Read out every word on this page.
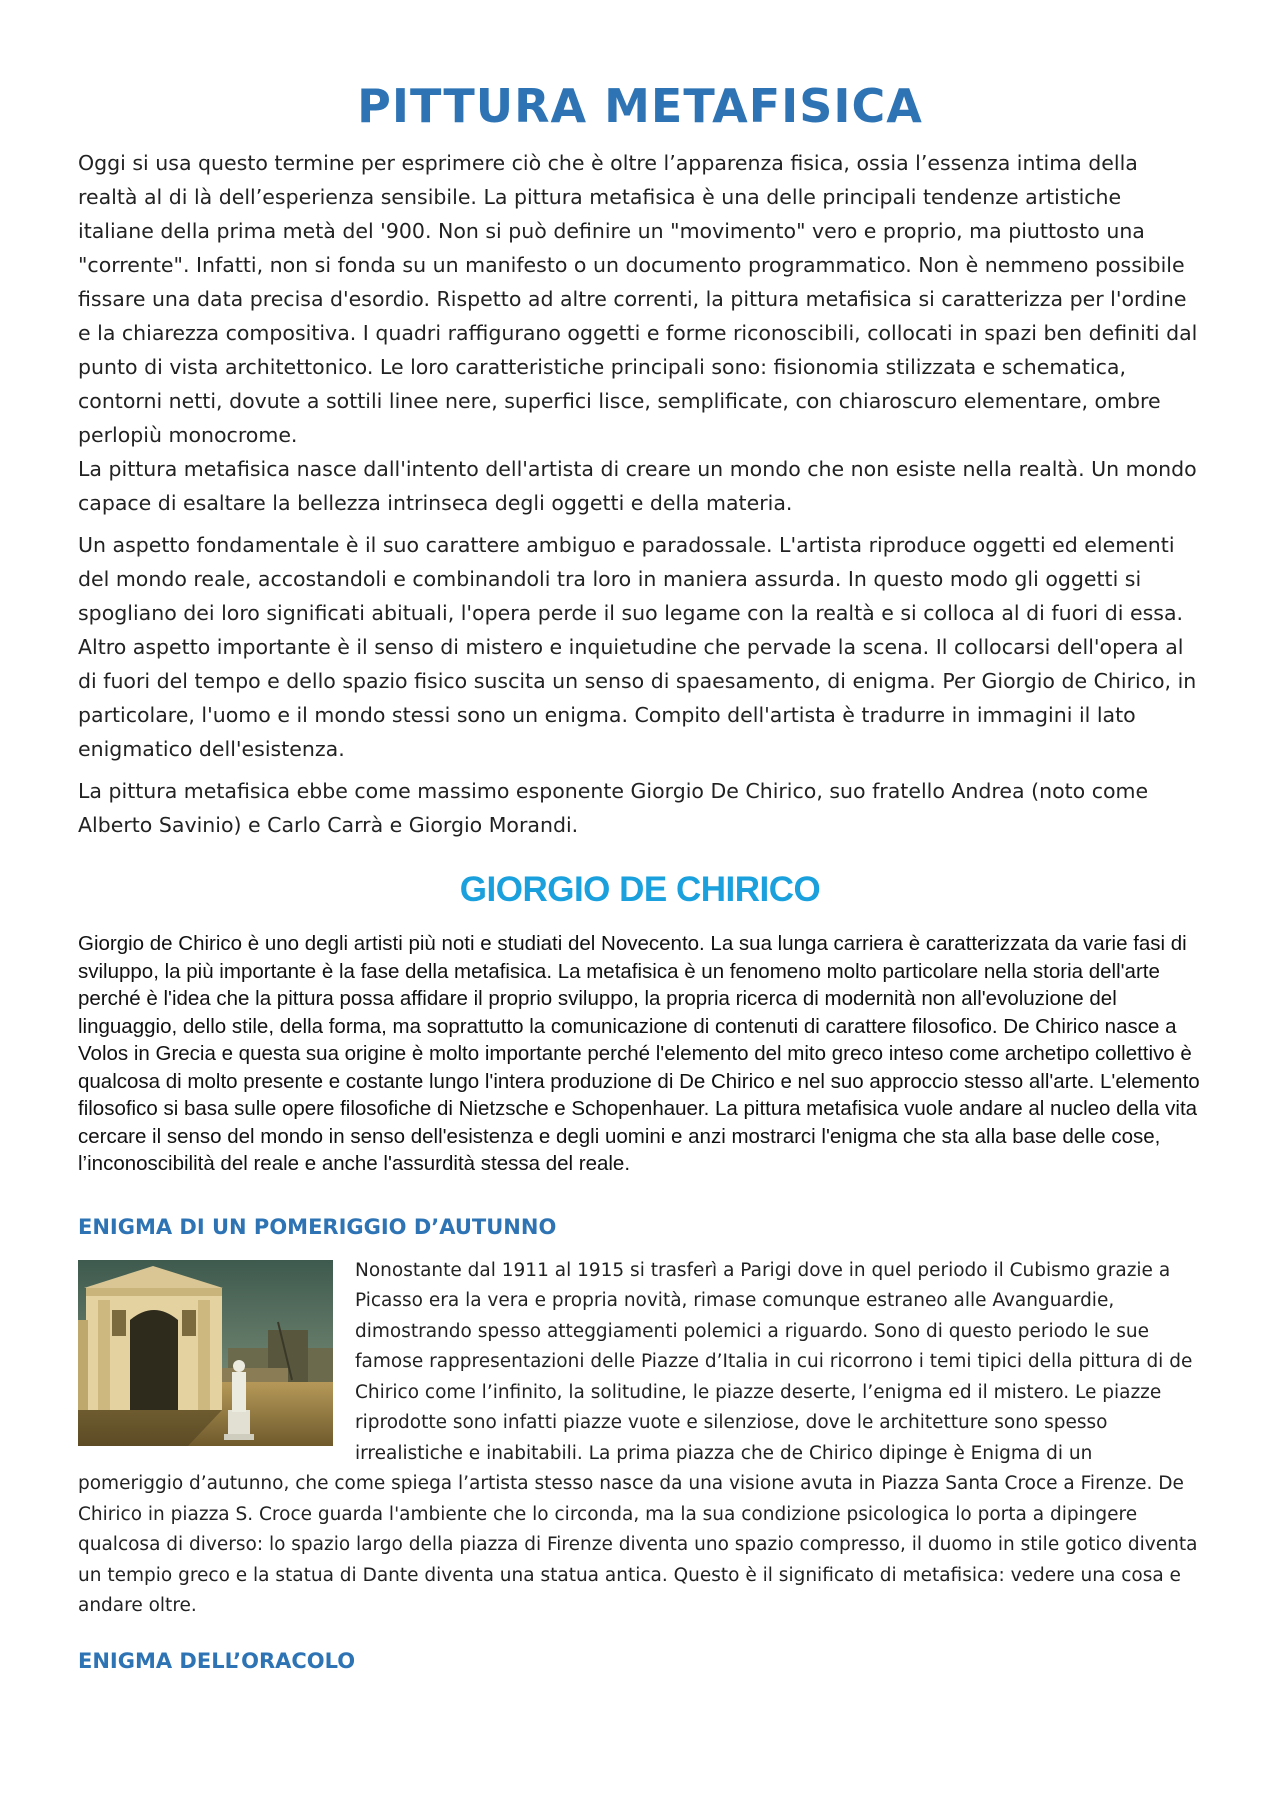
PITTURA METAFISICA

Oggi si usa questo termine per esprimere ciò che è oltre l’apparenza fisica, ossia l’essenza intima della realtà al di là dell’esperienza sensibile. La pittura metafisica è una delle principali tendenze artistiche italiane della prima metà del '900. Non si può definire un "movimento" vero e proprio, ma piuttosto una "corrente". Infatti, non si fonda su un manifesto o un documento programmatico. Non è nemmeno possibile fissare una data precisa d'esordio. Rispetto ad altre correnti, la pittura metafisica si caratterizza per l'ordine e la chiarezza compositiva. I quadri raffigurano oggetti e forme riconoscibili, collocati in spazi ben definiti dal punto di vista architettonico. Le loro caratteristiche principali sono: fisionomia stilizzata e schematica, contorni netti, dovute a sottili linee nere, superfici lisce, semplificate, con chiaroscuro elementare, ombre perlopiù monocrome.

La pittura metafisica nasce dall'intento dell'artista di creare un mondo che non esiste nella realtà. Un mondo capace di esaltare la bellezza intrinseca degli oggetti e della materia.

Un aspetto fondamentale è il suo carattere ambiguo e paradossale. L'artista riproduce oggetti ed elementi del mondo reale, accostandoli e combinandoli tra loro in maniera assurda. In questo modo gli oggetti si spogliano dei loro significati abituali, l'opera perde il suo legame con la realtà e si colloca al di fuori di essa. Altro aspetto importante è il senso di mistero e inquietudine che pervade la scena. Il collocarsi dell'opera al di fuori del tempo e dello spazio fisico suscita un senso di spaesamento, di enigma. Per Giorgio de Chirico, in particolare, l'uomo e il mondo stessi sono un enigma. Compito dell'artista è tradurre in immagini il lato enigmatico dell'esistenza.

La pittura metafisica ebbe come massimo esponente Giorgio De Chirico, suo fratello Andrea (noto come Alberto Savinio) e Carlo Carrà e Giorgio Morandi.

GIORGIO DE CHIRICO

Giorgio de Chirico è uno degli artisti più noti e studiati del Novecento. La sua lunga carriera è caratterizzata da varie fasi di sviluppo, la più importante è la fase della metafisica. La metafisica è un fenomeno molto particolare nella storia dell'arte perché è l'idea che la pittura possa affidare il proprio sviluppo, la propria ricerca di modernità non all'evoluzione del linguaggio, dello stile, della forma, ma soprattutto la comunicazione di contenuti di carattere filosofico. De Chirico nasce a Volos in Grecia e questa sua origine è molto importante perché l'elemento del mito greco inteso come archetipo collettivo è qualcosa di molto presente e costante lungo l'intera produzione di De Chirico e nel suo approccio stesso all'arte. L'elemento filosofico si basa sulle opere filosofiche di Nietzsche e Schopenhauer. La pittura metafisica vuole andare al nucleo della vita cercare il senso del mondo in senso dell'esistenza e degli uomini e anzi mostrarci l'enigma che sta alla base delle cose, l’inconoscibilità del reale e anche l'assurdità stessa del reale.

ENIGMA DI UN POMERIGGIO D’AUTUNNO
Nonostante dal 1911 al 1915 si trasferì a Parigi dove in quel periodo il Cubismo grazie a Picasso era la vera e propria novità, rimase comunque estraneo alle Avanguardie, dimostrando spesso atteggiamenti polemici a riguardo. Sono di questo periodo le sue famose rappresentazioni delle Piazze d’Italia in cui ricorrono i temi tipici della pittura di de Chirico come l’infinito, la solitudine, le piazze deserte, l’enigma ed il mistero. Le piazze riprodotte sono infatti piazze vuote e silenziose, dove le architetture sono spesso irrealistiche e inabitabili. La prima piazza che de Chirico dipinge è Enigma di un pomeriggio d’autunno, che come spiega l’artista stesso nasce da una visione avuta in Piazza Santa Croce a Firenze. De Chirico in piazza S. Croce guarda l'ambiente che lo circonda, ma la sua condizione psicologica lo porta a dipingere qualcosa di diverso: lo spazio largo della piazza di Firenze diventa uno spazio compresso, il duomo in stile gotico diventa un tempio greco e la statua di Dante diventa una statua antica. Questo è il significato di metafisica: vedere una cosa e andare oltre.
ENIGMA DELL’ORACOLO
